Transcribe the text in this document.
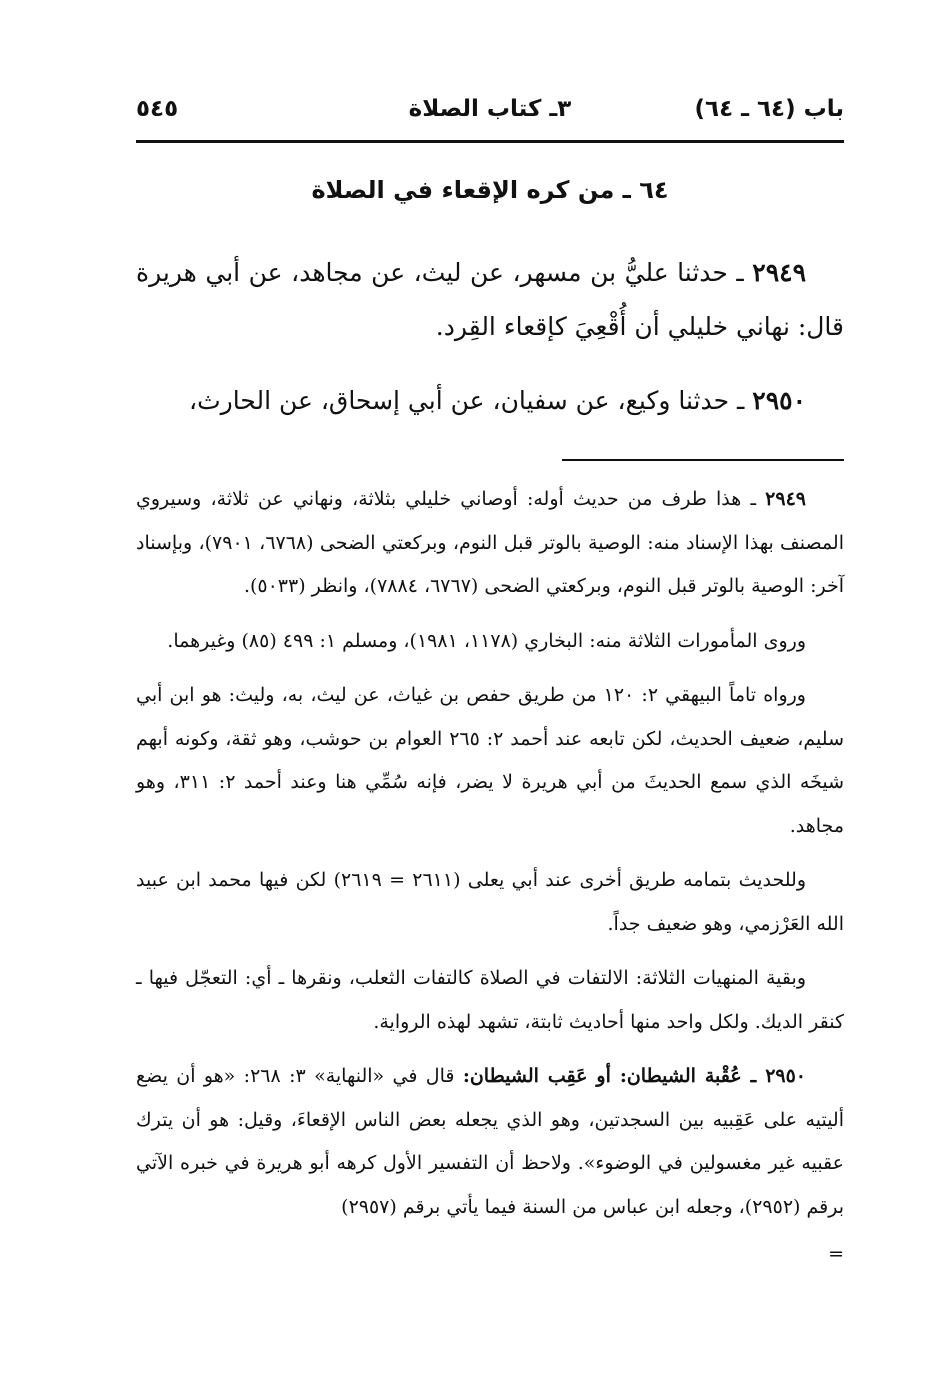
باب (٦٤ ـ ٦٤)
٣ـ كتاب الصلاة
٥٤٥
٦٤ ـ من كره الإقعاء في الصلاة

٢٩٤٩ ـ حدثنا عليُّ بن مسهر، عن ليث، عن مجاهد، عن أبي هريرة قال: نهاني خليلي أن أُقْعِيَ كإقعاء القِرد.

٢٩٥٠ ـ حدثنا وكيع، عن سفيان، عن أبي إسحاق، عن الحارث،

٢٩٤٩ ـ هذا طرف من حديث أوله: أوصاني خليلي بثلاثة، ونهاني عن ثلاثة، وسيروي المصنف بهذا الإسناد منه: الوصية بالوتر قبل النوم، وبركعتي الضحى (٦٧٦٨، ٧٩٠١)، وبإسناد آخر: الوصية بالوتر قبل النوم، وبركعتي الضحى (٦٧٦٧، ٧٨٨٤)، وانظر (٥٠٣٣).

وروى المأمورات الثلاثة منه: البخاري (١١٧٨، ١٩٨١)، ومسلم ١: ٤٩٩ (٨٥) وغيرهما.

ورواه تاماً البيهقي ٢: ١٢٠ من طريق حفص بن غياث، عن ليث، به، وليث: هو ابن أبي سليم، ضعيف الحديث، لكن تابعه عند أحمد ٢: ٢٦٥ العوام بن حوشب، وهو ثقة، وكونه أبهم شيخَه الذي سمع الحديثَ من أبي هريرة لا يضر، فإنه سُمِّي هنا وعند أحمد ٢: ٣١١، وهو مجاهد.

وللحديث بتمامه طريق أخرى عند أبي يعلى (٢٦١١ = ٢٦١٩) لكن فيها محمد ابن عبيد الله العَرْزمي، وهو ضعيف جداً.

وبقية المنهيات الثلاثة: الالتفات في الصلاة كالتفات الثعلب، ونقرها ـ أي: التعجّل فيها ـ كنقر الديك. ولكل واحد منها أحاديث ثابتة، تشهد لهذه الرواية.

٢٩٥٠ ـ عُقْبة الشيطان: أو عَقِب الشيطان: قال في «النهاية» ٣: ٢٦٨: «هو أن يضع أليتيه على عَقِبيه بين السجدتين، وهو الذي يجعله بعض الناس الإقعاءَ، وقيل: هو أن يترك عقبيه غير مغسولين في الوضوء». ولاحظ أن التفسير الأول كرهه أبو هريرة في خبره الآتي برقم (٢٩٥٢)، وجعله ابن عباس من السنة فيما يأتي برقم (٢٩٥٧)

=
